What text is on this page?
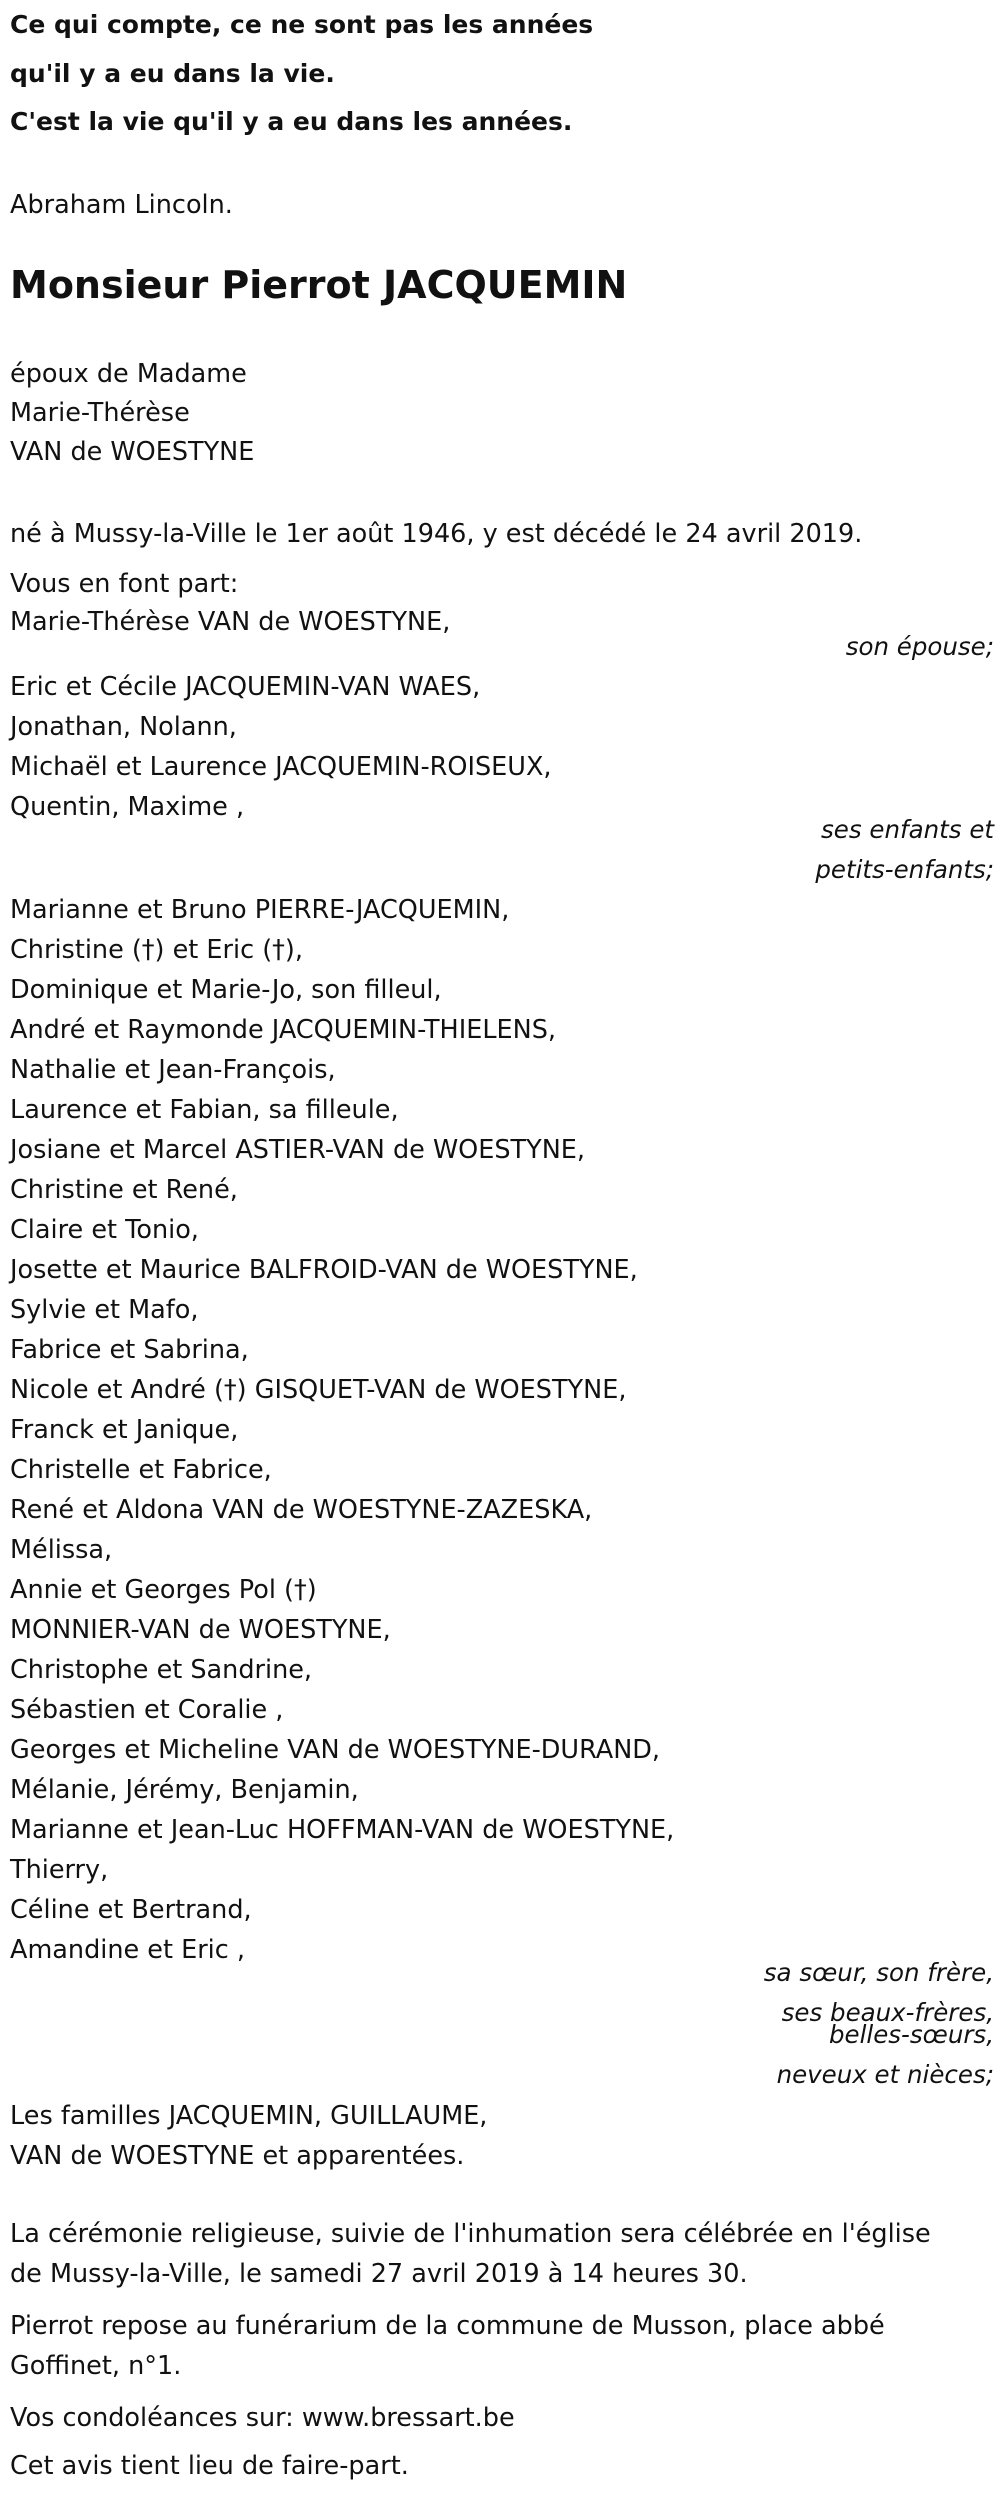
Ce qui compte, ce ne sont pas les années

qu'il y a eu dans la vie.

C'est la vie qu'il y a eu dans les années.

Abraham Lincoln.

Monsieur Pierrot JACQUEMIN

époux de Madame

Marie-Thérèse

VAN de WOESTYNE

né à Mussy-la-Ville le 1er août 1946, y est décédé le 24 avril 2019.

Vous en font part:

Marie-Thérèse VAN de WOESTYNE,

son épouse;

Eric et Cécile JACQUEMIN-VAN WAES,

Jonathan, Nolann,

Michaël et Laurence JACQUEMIN-ROISEUX,

Quentin, Maxime ,

ses enfants et

petits-enfants;

Marianne et Bruno PIERRE-JACQUEMIN,

Christine (†) et Eric (†),

Dominique et Marie-Jo, son filleul,

André et Raymonde JACQUEMIN-THIELENS,

Nathalie et Jean-François,

Laurence et Fabian, sa filleule,

Josiane et Marcel ASTIER-VAN de WOESTYNE,

Christine et René,

Claire et Tonio,

Josette et Maurice BALFROID-VAN de WOESTYNE,

Sylvie et Mafo,

Fabrice et Sabrina,

Nicole et André (†) GISQUET-VAN de WOESTYNE,

Franck et Janique,

Christelle et Fabrice,

René et Aldona VAN de WOESTYNE-ZAZESKA,

Mélissa,

Annie et Georges Pol (†)

MONNIER-VAN de WOESTYNE,

Christophe et Sandrine,

Sébastien et Coralie ,

Georges et Micheline VAN de WOESTYNE-DURAND,

Mélanie, Jérémy, Benjamin,

Marianne et Jean-Luc HOFFMAN-VAN de WOESTYNE,

Thierry,

Céline et Bertrand,

Amandine et Eric ,

sa sœur, son frère,

ses beaux-frères,

belles-sœurs,

neveux et nièces;

Les familles JACQUEMIN, GUILLAUME,

VAN de WOESTYNE et apparentées.

La cérémonie religieuse, suivie de l'inhumation sera célébrée en l'église

de Mussy-la-Ville, le samedi 27 avril 2019 à 14 heures 30.

Pierrot repose au funérarium de la commune de Musson, place abbé

Goffinet, n°1.

Vos condoléances sur: www.bressart.be

Cet avis tient lieu de faire-part.
